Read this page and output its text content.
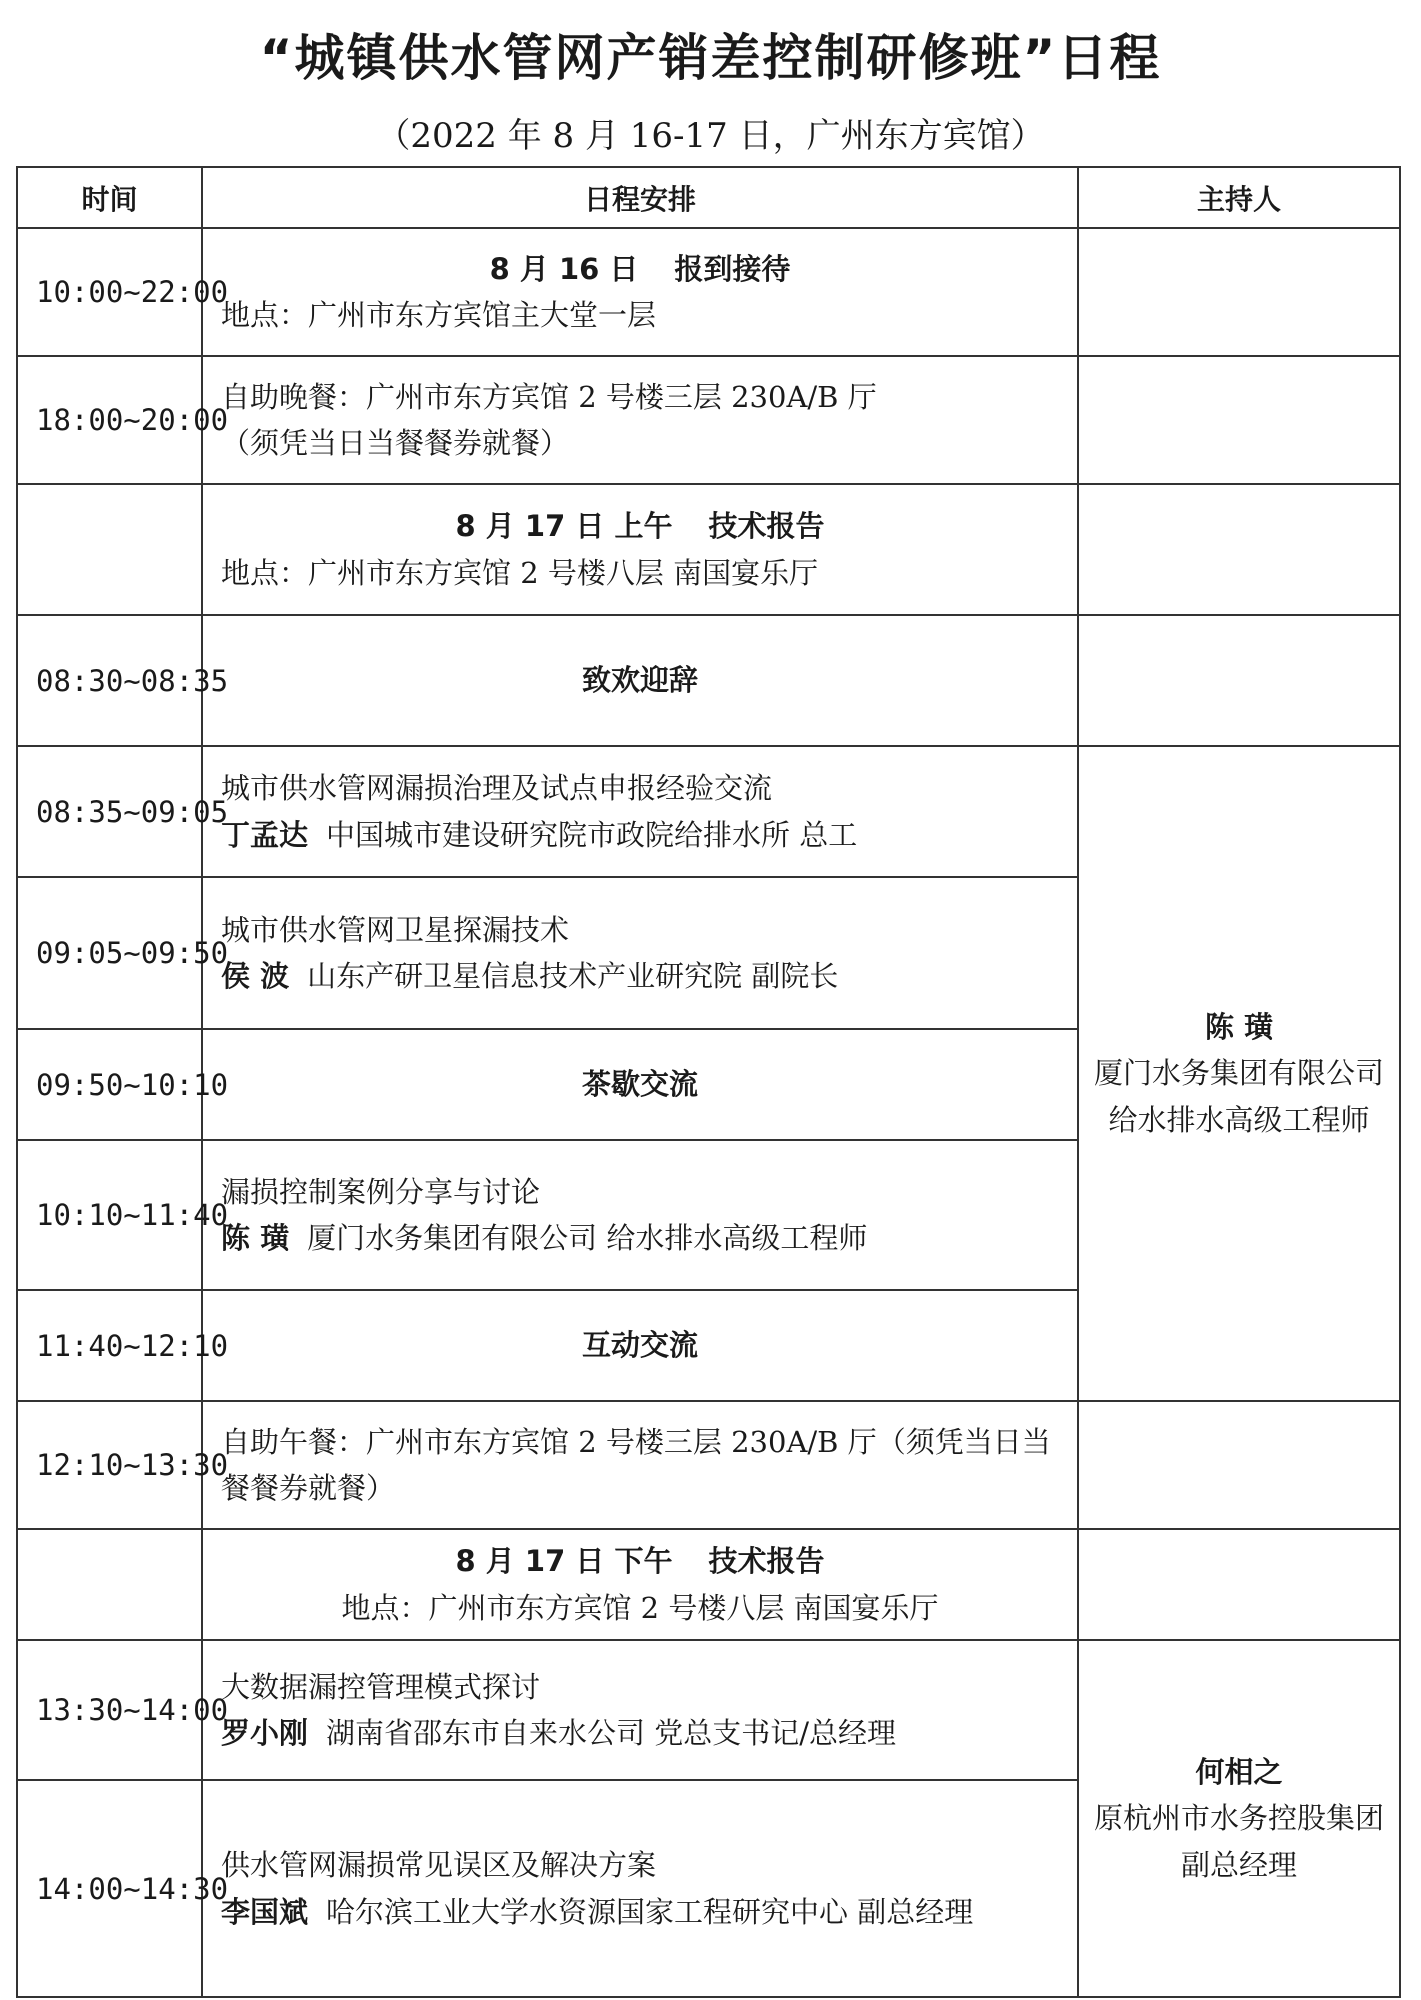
“城镇供水管网产销差控制研修班”日程
（2022 年 8 月 16-17 日，广州东方宾馆）
时间	日程安排	主持人
10:00~22:00	8 月 16 日 报到接待
地点：广州市东方宾馆主大堂一层	

18:00~20:00	自助晚餐：广州市东方宾馆 2 号楼三层 230A/B 厅
（须凭当日当餐餐券就餐）	

	8 月 17 日 上午 技术报告
地点：广州市东方宾馆 2 号楼八层 南国宴乐厅	

08:30~08:35	致欢迎辞	
08:35~09:05	城市供水管网漏损治理及试点申报经验交流
丁孟达 中国城市建设研究院市政院给排水所 总工	陈 璜
厦门水务集团有限公司 给水排水高级工程师

09:05~09:50	城市供水管网卫星探漏技术
侯 波 山东产研卫星信息技术产业研究院 副院长	

09:50~10:10	茶歇交流	
10:10~11:40	漏损控制案例分享与讨论
陈 璜 厦门水务集团有限公司 给水排水高级工程师	

11:40~12:10	互动交流	
12:10~13:30	自助午餐：广州市东方宾馆 2 号楼三层 230A/B 厅（须凭当日当餐餐券就餐）	

	8 月 17 日 下午 技术报告
地点：广州市东方宾馆 2 号楼八层 南国宴乐厅	

13:30~14:00	大数据漏控管理模式探讨
罗小刚 湖南省邵东市自来水公司 党总支书记/总经理	何相之
原杭州市水务控股集团
副总经理

14:00~14:30	供水管网漏损常见误区及解决方案
李国斌 哈尔滨工业大学水资源国家工程研究中心 副总经理	
